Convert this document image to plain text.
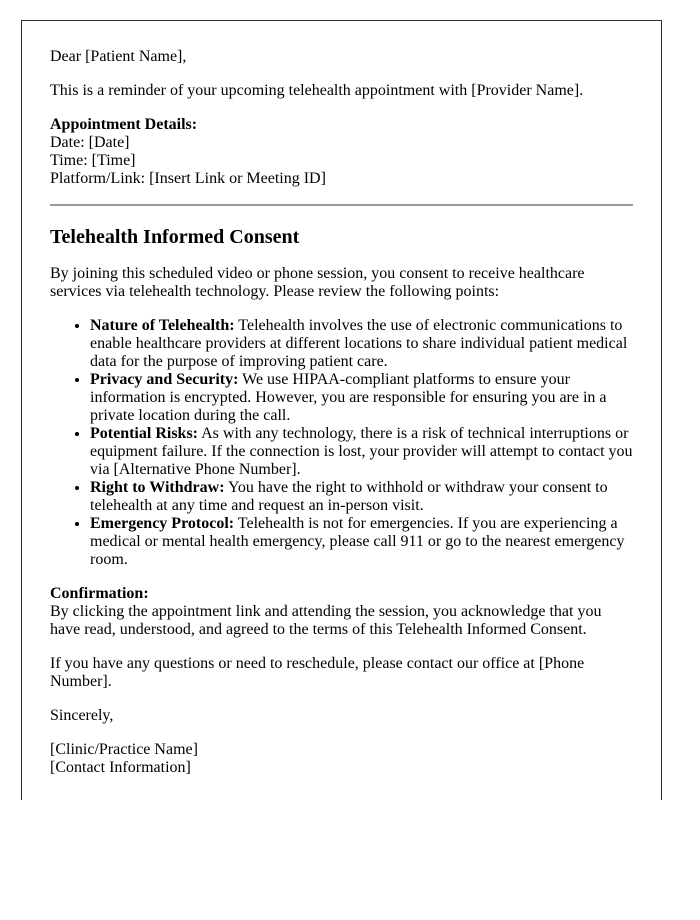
Dear [Patient Name],

This is a reminder of your upcoming telehealth appointment with [Provider Name].

Appointment Details:
Date: [Date]
Time: [Time]
Platform/Link: [Insert Link or Meeting ID]

Telehealth Informed Consent

By joining this scheduled video or phone session, you consent to receive healthcare services via telehealth technology. Please review the following points:

• Nature of Telehealth: Telehealth involves the use of electronic communications to enable healthcare providers at different locations to share individual patient medical data for the purpose of improving patient care.
• Privacy and Security: We use HIPAA-compliant platforms to ensure your information is encrypted. However, you are responsible for ensuring you are in a private location during the call.
• Potential Risks: As with any technology, there is a risk of technical interruptions or equipment failure. If the connection is lost, your provider will attempt to contact you via [Alternative Phone Number].
• Right to Withdraw: You have the right to withhold or withdraw your consent to telehealth at any time and request an in-person visit.
• Emergency Protocol: Telehealth is not for emergencies. If you are experiencing a medical or mental health emergency, please call 911 or go to the nearest emergency room.

Confirmation:
By clicking the appointment link and attending the session, you acknowledge that you have read, understood, and agreed to the terms of this Telehealth Informed Consent.

If you have any questions or need to reschedule, please contact our office at [Phone Number].

Sincerely,

[Clinic/Practice Name]
[Contact Information]
